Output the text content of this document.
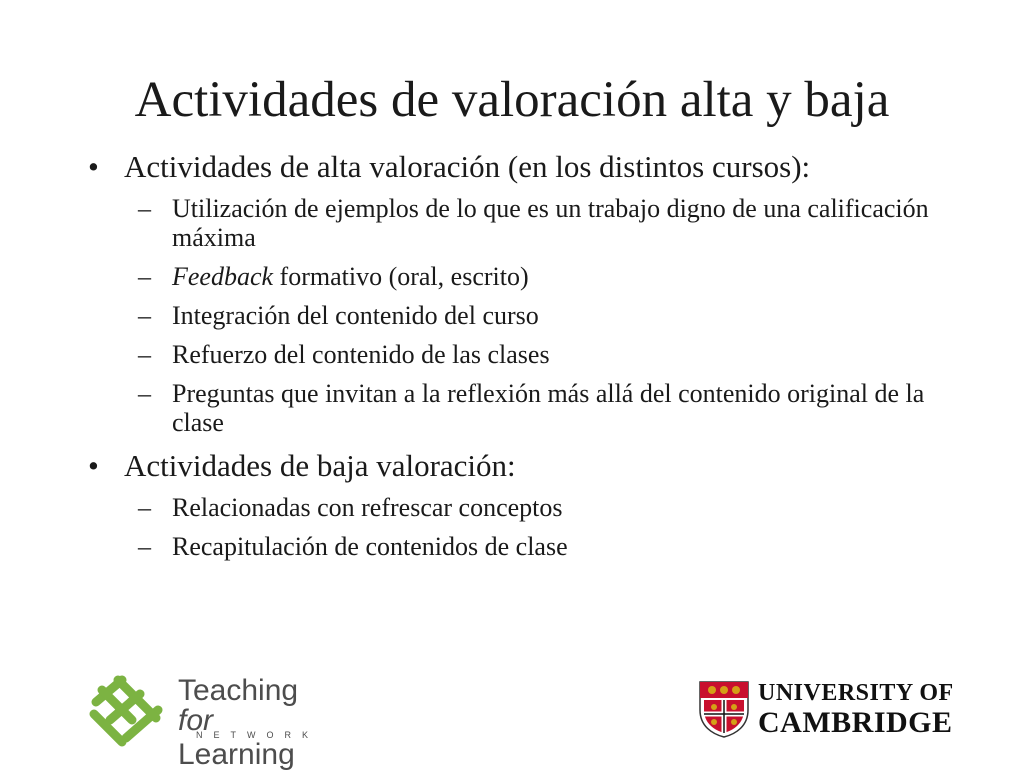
Actividades de valoración alta y baja
• Actividades de alta valoración (en los distintos cursos):
– Utilización de ejemplos de lo que es un trabajo digno de una calificación máxima
– Feedback formativo (oral, escrito)
– Integración del contenido del curso
– Refuerzo del contenido de las clases
– Preguntas que invitan a la reflexión más allá del contenido original de la clase
• Actividades de baja valoración:
– Relacionadas con refrescar conceptos
– Recapitulación de contenidos de clase
Teaching
for Learning
NETWORK
UNIVERSITY OF
CAMBRIDGE
